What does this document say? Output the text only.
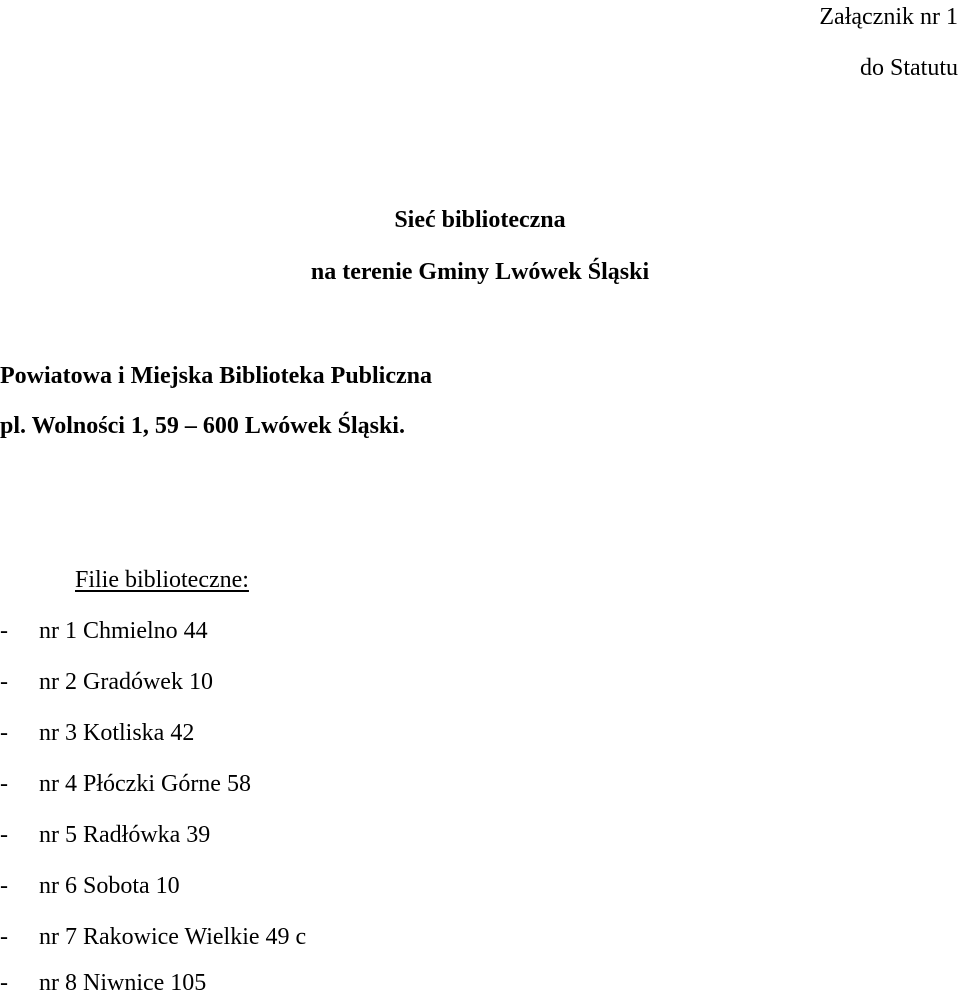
Załącznik nr 1

do Statutu

Sieć biblioteczna

na terenie Gminy Lwówek Śląski

Powiatowa i Miejska Biblioteka Publiczna

pl. Wolności 1, 59 – 600 Lwówek Śląski.

Filie biblioteczne:

- nr 1 Chmielno 44

- nr 2 Gradówek 10

- nr 3 Kotliska 42

- nr 4 Płóczki Górne 58

- nr 5 Radłówka 39

- nr 6 Sobota 10

- nr 7 Rakowice Wielkie 49 c

- nr 8 Niwnice 105
